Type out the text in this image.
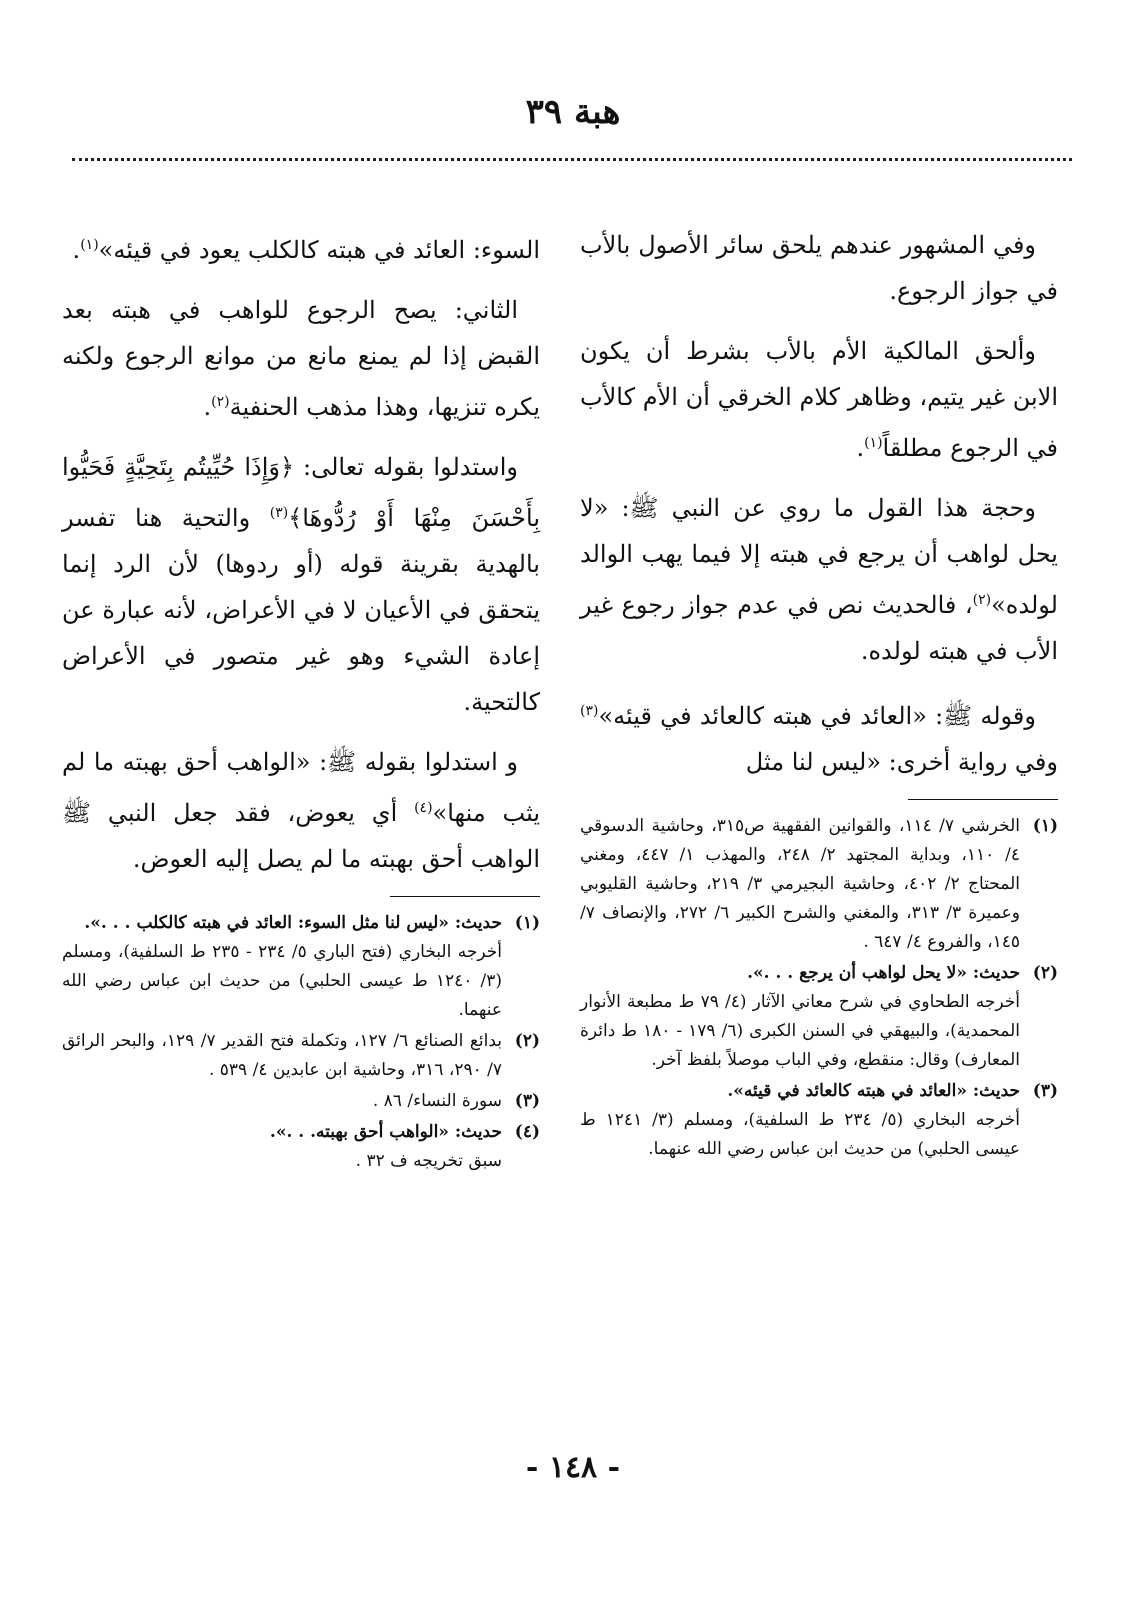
هبة ٣٩

وفي المشهور عندهم يلحق سائر الأصول بالأب في جواز الرجوع.

وألحق المالكية الأم بالأب بشرط أن يكون الابن غير يتيم، وظاهر كلام الخرقي أن الأم كالأب في الرجوع مطلقاً$^{(١)}$.

وحجة هذا القول ما روي عن النبي ﷺ: «لا يحل لواهب أن يرجع في هبته إلا فيما يهب الوالد لولده»$^{(٢)}$، فالحديث نص في عدم جواز رجوع غير الأب في هبته لولده.

وقوله ﷺ: «العائد في هبته كالعائد في قيئه»$^{(٣)}$ وفي رواية أخرى: «ليس لنا مثل

(١)
الخرشي ٧/ ١١٤، والقوانين الفقهية ص٣١٥، وحاشية الدسوقي ٤/ ١١٠، وبداية المجتهد ٢/ ٢٤٨، والمهذب ١/ ٤٤٧، ومغني المحتاج ٢/ ٤٠٢، وحاشية البجيرمي ٣/ ٢١٩، وحاشية القليوبي وعميرة ٣/ ٣١٣، والمغني والشرح الكبير ٦/ ٢٧٢، والإنصاف ٧/ ١٤٥، والفروع ٤/ ٦٤٧ .
(٢)
حديث: «لا يحل لواهب أن يرجع . . .».
أخرجه الطحاوي في شرح معاني الآثار (٤/ ٧٩ ط مطبعة الأنوار المحمدية)، والبيهقي في السنن الكبرى (٦/ ١٧٩ - ١٨٠ ط دائرة المعارف) وقال: منقطع، وفي الباب موصلاً بلفظ آخر.
(٣)
حديث: «العائد في هبته كالعائد في قيئه».
أخرجه البخاري (٥/ ٢٣٤ ط السلفية)، ومسلم (٣/ ١٢٤١ ط عيسى الحلبي) من حديث ابن عباس رضي الله عنهما.

السوء: العائد في هبته كالكلب يعود في قيئه»$^{(١)}$.

الثاني: يصح الرجوع للواهب في هبته بعد القبض إذا لم يمنع مانع من موانع الرجوع ولكنه يكره تنزيها، وهذا مذهب الحنفية$^{(٢)}$.

واستدلوا بقوله تعالى: ﴿وَإِذَا حُيِّيتُم بِتَحِيَّةٍ فَحَيُّوا بِأَحْسَنَ مِنْهَا أَوْ رُدُّوهَا﴾$^{(٣)}$ والتحية هنا تفسر بالهدية بقرينة قوله (أو ردوها) لأن الرد إنما يتحقق في الأعيان لا في الأعراض، لأنه عبارة عن إعادة الشيء وهو غير متصور في الأعراض كالتحية.

و استدلوا بقوله ﷺ: «الواهب أحق بهبته ما لم يثب منها»$^{(٤)}$ أي يعوض، فقد جعل النبي ﷺ الواهب أحق بهبته ما لم يصل إليه العوض.

(١)
حديث: «ليس لنا مثل السوء: العائد في هبته كالكلب . . .».
أخرجه البخاري (فتح الباري ٥/ ٢٣٤ - ٢٣٥ ط السلفية)، ومسلم (٣/ ١٢٤٠ ط عيسى الحلبي) من حديث ابن عباس رضي الله عنهما.
(٢)
بدائع الصنائع ٦/ ١٢٧، وتكملة فتح القدير ٧/ ١٢٩، والبحر الرائق ٧/ ٢٩٠، ٣١٦، وحاشية ابن عابدين ٤/ ٥٣٩ .
(٣)
سورة النساء/ ٨٦ .
(٤)
حديث: «الواهب أحق بهبته. . .».
سبق تخريجه ف ٣٢ .
- ١٤٨ -
